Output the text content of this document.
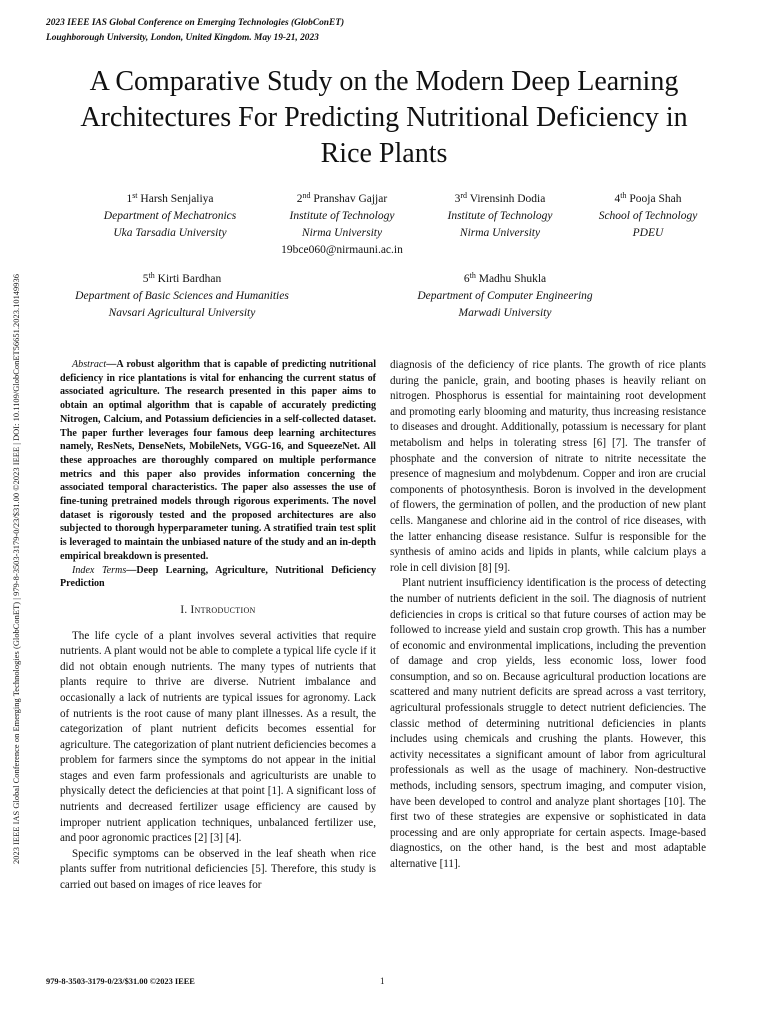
2023 IEEE IAS Global Conference on Emerging Technologies (GlobConET)
Loughborough University, London, United Kingdom. May 19-21, 2023
2023 IEEE IAS Global Conference on Emerging Technologies (GlobConET) | 979-8-3503-3179-0/23/$31.00 ©2023 IEEE | DOI: 10.1109/GlobConET56651.2023.10149936
A Comparative Study on the Modern Deep Learning Architectures For Predicting Nutritional Deficiency in Rice Plants
1st Harsh Senjaliya
Department of Mechatronics
Uka Tarsadia University
2nd Pranshav Gajjar
Institute of Technology
Nirma University
19bce060@nirmauni.ac.in
3rd Virensinh Dodia
Institute of Technology
Nirma University
4th Pooja Shah
School of Technology
PDEU
5th Kirti Bardhan
Department of Basic Sciences and Humanities
Navsari Agricultural University
6th Madhu Shukla
Department of Computer Engineering
Marwadi University

Abstract—A robust algorithm that is capable of predicting nutritional deficiency in rice plantations is vital for enhancing the current status of associated agriculture. The research presented in this paper aims to obtain an optimal algorithm that is capable of accurately predicting Nitrogen, Calcium, and Potassium deficiencies in a self-collected dataset. The paper further leverages four famous deep learning architectures namely, ResNets, DenseNets, MobileNets, VGG-16, and SqueezeNet. All these approaches are thoroughly compared on multiple performance metrics and this paper also provides information concerning the associated temporal characteristics. The paper also assesses the use of fine-tuning pretrained models through rigorous experiments. The novel dataset is rigorously tested and the proposed architectures are also subjected to thorough hyperparameter tuning. A stratified train test split is leveraged to maintain the unbiased nature of the study and an in-depth empirical breakdown is presented.

Index Terms—Deep Learning, Agriculture, Nutritional Deficiency Prediction

I. Introduction

The life cycle of a plant involves several activities that require nutrients. A plant would not be able to complete a typical life cycle if it did not obtain enough nutrients. The many types of nutrients that plants require to thrive are diverse. Nutrient imbalance and occasionally a lack of nutrients are typical issues for agronomy. Lack of nutrients is the root cause of many plant illnesses. As a result, the categorization of plant nutrient deficits becomes essential for agriculture. The categorization of plant nutrient deficiencies becomes a problem for farmers since the symptoms do not appear in the initial stages and even farm professionals and agriculturists are unable to physically detect the deficiencies at that point [1]. A significant loss of nutrients and decreased fertilizer usage efficiency are caused by improper nutrient application techniques, unbalanced fertilizer use, and poor agronomic practices [2] [3] [4].

Specific symptoms can be observed in the leaf sheath when rice plants suffer from nutritional deficiencies [5]. Therefore, this study is carried out based on images of rice leaves for

diagnosis of the deficiency of rice plants. The growth of rice plants during the panicle, grain, and booting phases is heavily reliant on nitrogen. Phosphorus is essential for maintaining root development and promoting early blooming and maturity, thus increasing resistance to diseases and drought. Additionally, potassium is necessary for plant metabolism and helps in tolerating stress [6] [7]. The transfer of phosphate and the conversion of nitrate to nitrite necessitate the presence of magnesium and molybdenum. Copper and iron are crucial components of photosynthesis. Boron is involved in the development of flowers, the germination of pollen, and the production of new plant cells. Manganese and chlorine aid in the control of rice diseases, with the latter enhancing disease resistance. Sulfur is responsible for the synthesis of amino acids and lipids in plants, while calcium plays a role in cell division [8] [9].

Plant nutrient insufficiency identification is the process of detecting the number of nutrients deficient in the soil. The diagnosis of nutrient deficiencies in crops is critical so that future courses of action may be followed to increase yield and sustain crop growth. This has a number of economic and environmental implications, including the prevention of damage and crop yields, less economic loss, lower food consumption, and so on. Because agricultural production locations are scattered and many nutrient deficits are spread across a vast territory, agricultural professionals struggle to detect nutrient deficiencies. The classic method of determining nutritional deficiencies in plants includes using chemicals and crushing the plants. However, this activity necessitates a significant amount of labor from agricultural professionals as well as the usage of machinery. Non-destructive methods, including sensors, spectrum imaging, and computer vision, have been developed to control and analyze plant shortages [10]. The first two of these strategies are expensive or sophisticated in data processing and are only appropriate for certain aspects. Image-based diagnostics, on the other hand, is the best and most adaptable alternative [11].

979-8-3503-3179-0/23/$31.00 ©2023 IEEE	1
